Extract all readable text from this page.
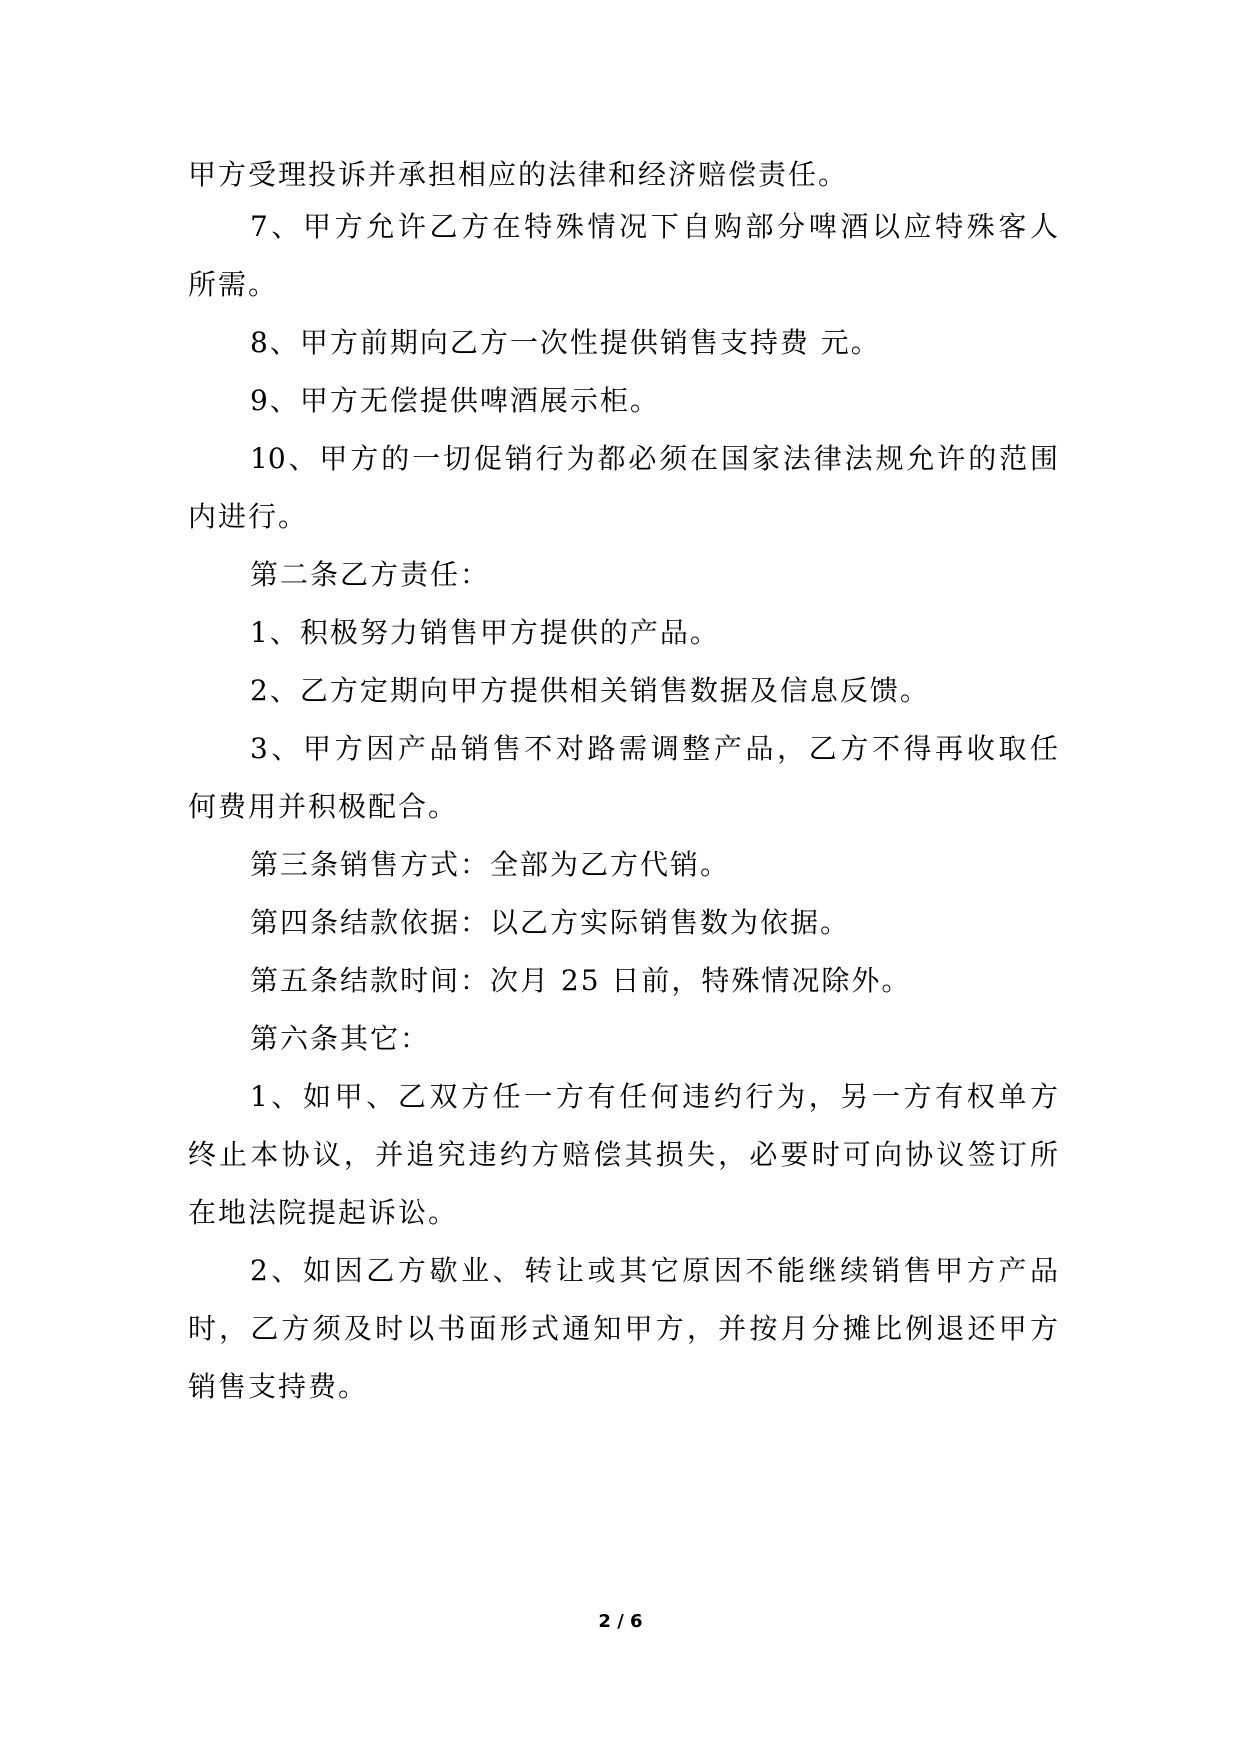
甲方受理投诉并承担相应的法律和经济赔偿责任。
7、甲方允许乙方在特殊情况下自购部分啤酒以应特殊客人
所需。
8、甲方前期向乙方一次性提供销售支持费 元。
9、甲方无偿提供啤酒展示柜。
10、甲方的一切促销行为都必须在国家法律法规允许的范围
内进行。
第二条乙方责任：
1、积极努力销售甲方提供的产品。
2、乙方定期向甲方提供相关销售数据及信息反馈。
3、甲方因产品销售不对路需调整产品，乙方不得再收取任
何费用并积极配合。
第三条销售方式：全部为乙方代销。
第四条结款依据：以乙方实际销售数为依据。
第五条结款时间：次月 25 日前，特殊情况除外。
第六条其它：
1、如甲、乙双方任一方有任何违约行为，另一方有权单方
终止本协议，并追究违约方赔偿其损失，必要时可向协议签订所
在地法院提起诉讼。
2、如因乙方歇业、转让或其它原因不能继续销售甲方产品
时，乙方须及时以书面形式通知甲方，并按月分摊比例退还甲方
销售支持费。
2 / 6
